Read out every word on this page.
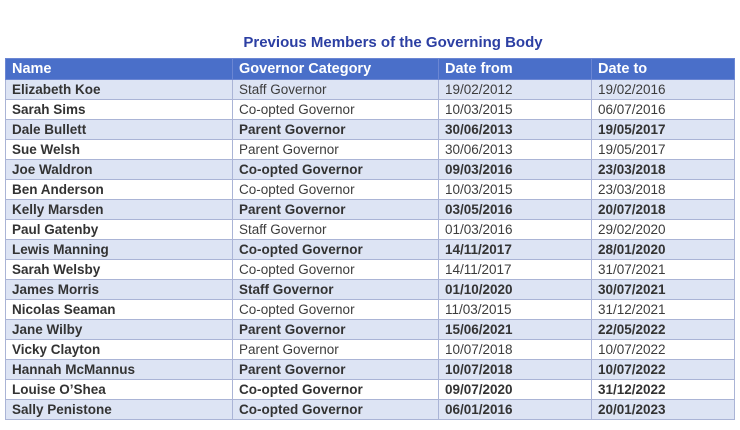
Previous Members of the Governing Body
Name	Governor Category	Date from	Date to
Elizabeth Koe	Staff Governor	19/02/2012	19/02/2016
Sarah Sims	Co-opted Governor	10/03/2015	06/07/2016
Dale Bullett	Parent Governor	30/06/2013	19/05/2017
Sue Welsh	Parent Governor	30/06/2013	19/05/2017
Joe Waldron	Co-opted Governor	09/03/2016	23/03/2018
Ben Anderson	Co-opted Governor	10/03/2015	23/03/2018
Kelly Marsden	Parent Governor	03/05/2016	20/07/2018
Paul Gatenby	Staff Governor	01/03/2016	29/02/2020
Lewis Manning	Co-opted Governor	14/11/2017	28/01/2020
Sarah Welsby	Co-opted Governor	14/11/2017	31/07/2021
James Morris	Staff Governor	01/10/2020	30/07/2021
Nicolas Seaman	Co-opted Governor	11/03/2015	31/12/2021
Jane Wilby	Parent Governor	15/06/2021	22/05/2022
Vicky Clayton	Parent Governor	10/07/2018	10/07/2022
Hannah McMannus	Parent Governor	10/07/2018	10/07/2022
Louise O’Shea	Co-opted Governor	09/07/2020	31/12/2022
Sally Penistone	Co-opted Governor	06/01/2016	20/01/2023
